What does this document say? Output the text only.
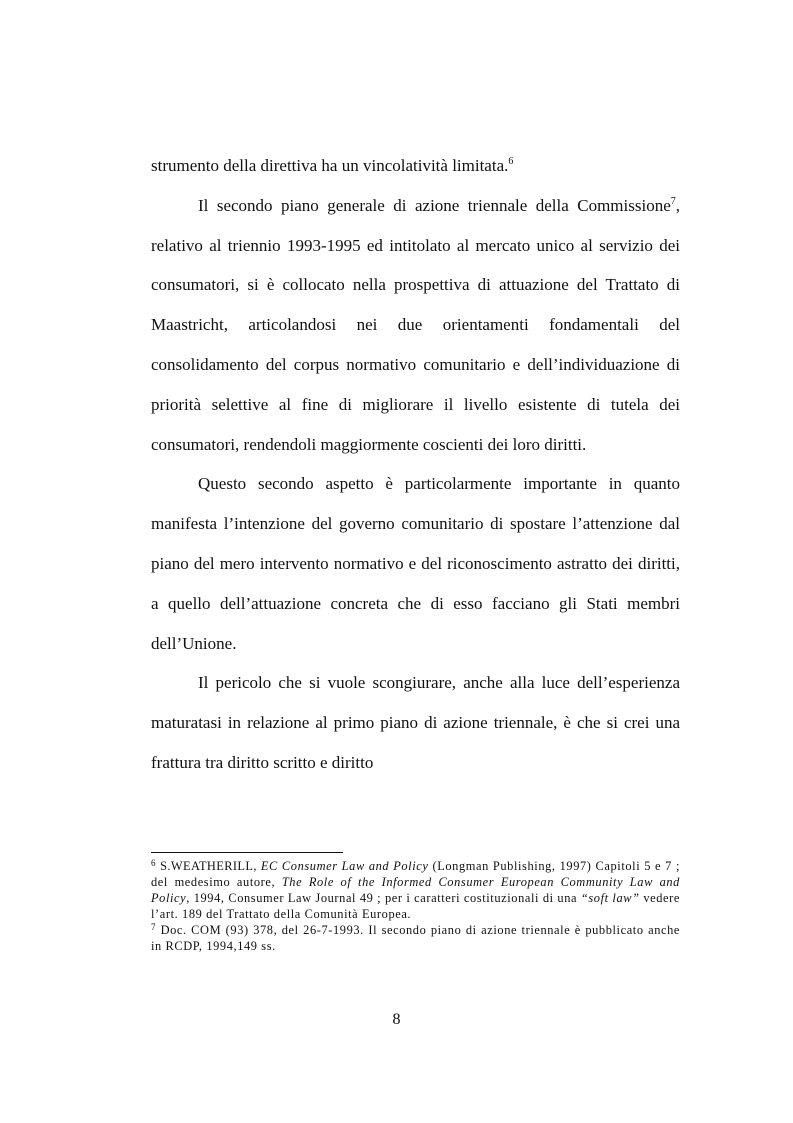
strumento della direttiva ha un vincolatività limitata.$^6$

Il secondo piano generale di azione triennale della Commissione$^7$, relativo al triennio 1993-1995 ed intitolato al mercato unico al servizio dei consumatori, si è collocato nella prospettiva di attuazione del Trattato di Maastricht, articolandosi nei due orientamenti fondamentali del consolidamento del corpus normativo comunitario e dell’individuazione di priorità selettive al fine di migliorare il livello esistente di tutela dei consumatori, rendendoli maggiormente coscienti dei loro diritti.

Questo secondo aspetto è particolarmente importante in quanto manifesta l’intenzione del governo comunitario di spostare l’attenzione dal piano del mero intervento normativo e del riconoscimento astratto dei diritti, a quello dell’attuazione concreta che di esso facciano gli Stati membri dell’Unione.

Il pericolo che si vuole scongiurare, anche alla luce dell’esperienza maturatasi in relazione al primo piano di azione triennale, è che si crei una frattura tra diritto scritto e diritto

$^6$ S.WEATHERILL, EC Consumer Law and Policy (Longman Publishing, 1997) Capitoli 5 e 7 ; del medesimo autore, The Role of the Informed Consumer European Community Law and Policy, 1994, Consumer Law Journal 49 ; per i caratteri costituzionali di una “soft law” vedere l’art. 189 del Trattato della Comunità Europea.

$^7$ Doc. COM (93) 378, del 26-7-1993. Il secondo piano di azione triennale è pubblicato anche in RCDP, 1994,149 ss.

8
